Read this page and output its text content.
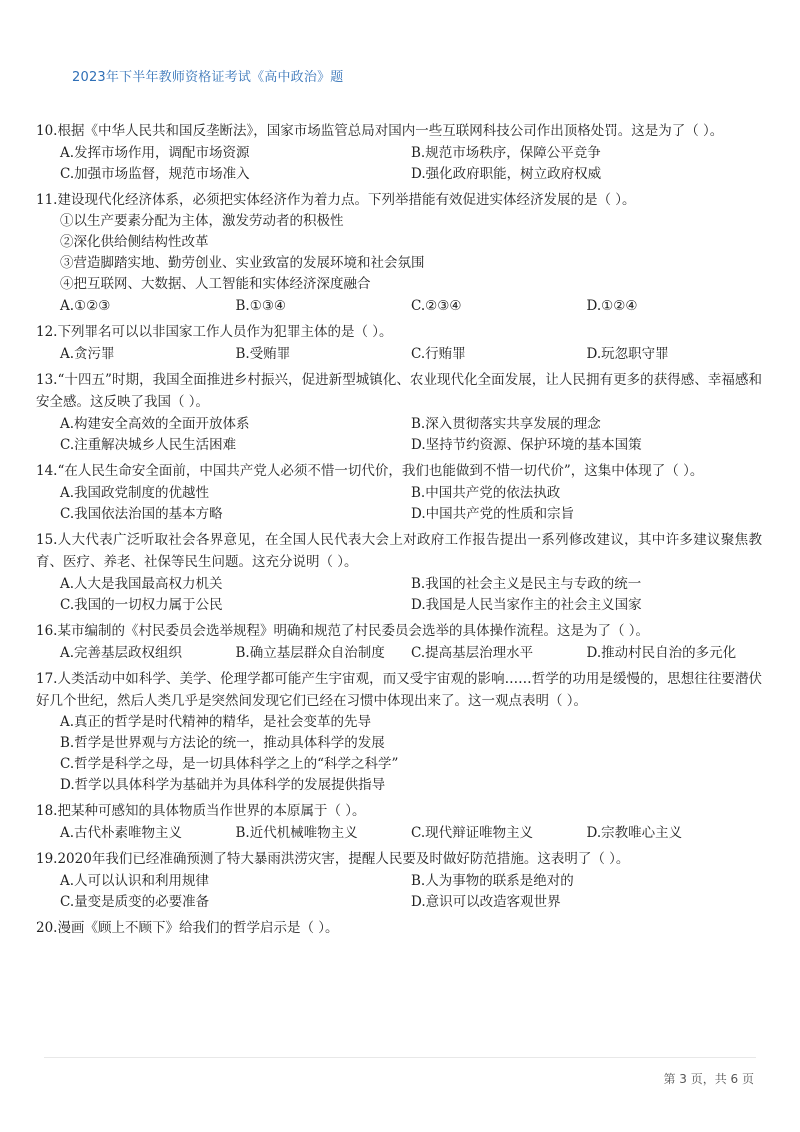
2023年下半年教师资格证考试《高中政治》题
10.根据《中华人民共和国反垄断法》，国家市场监管总局对国内一些互联网科技公司作出顶格处罚。这是为了（ ）。
A.发挥市场作用，调配市场资源	B.规范市场秩序，保障公平竞争
C.加强市场监督，规范市场准入	D.强化政府职能，树立政府权威
11.建设现代化经济体系，必须把实体经济作为着力点。下列举措能有效促进实体经济发展的是（ ）。
①以生产要素分配为主体，激发劳动者的积极性
②深化供给侧结构性改革
③营造脚踏实地、勤劳创业、实业致富的发展环境和社会氛围
④把互联网、大数据、人工智能和实体经济深度融合
A.①②③	B.①③④	C.②③④	D.①②④
12.下列罪名可以以非国家工作人员作为犯罪主体的是（ ）。
A.贪污罪	B.受贿罪	C.行贿罪	D.玩忽职守罪
13.“十四五”时期，我国全面推进乡村振兴，促进新型城镇化、农业现代化全面发展，让人民拥有更多的获得感、幸福感和安全感。这反映了我国（ ）。
A.构建安全高效的全面开放体系	B.深入贯彻落实共享发展的理念
C.注重解决城乡人民生活困难	D.坚持节约资源、保护环境的基本国策
14.“在人民生命安全面前，中国共产党人必须不惜一切代价，我们也能做到不惜一切代价”，这集中体现了（ ）。
A.我国政党制度的优越性	B.中国共产党的依法执政
C.我国依法治国的基本方略	D.中国共产党的性质和宗旨
15.人大代表广泛听取社会各界意见，在全国人民代表大会上对政府工作报告提出一系列修改建议，其中许多建议聚焦教育、医疗、养老、社保等民生问题。这充分说明（ ）。
A.人大是我国最高权力机关	B.我国的社会主义是民主与专政的统一
C.我国的一切权力属于公民	D.我国是人民当家作主的社会主义国家
16.某市编制的《村民委员会选举规程》明确和规范了村民委员会选举的具体操作流程。这是为了（ ）。
A.完善基层政权组织	B.确立基层群众自治制度	C.提高基层治理水平	D.推动村民自治的多元化
17.人类活动中如科学、美学、伦理学都可能产生宇宙观，而又受宇宙观的影响……哲学的功用是缓慢的，思想往往要潜伏好几个世纪，然后人类几乎是突然间发现它们已经在习惯中体现出来了。这一观点表明（ ）。
A.真正的哲学是时代精神的精华，是社会变革的先导
B.哲学是世界观与方法论的统一，推动具体科学的发展
C.哲学是科学之母，是一切具体科学之上的“科学之科学”
D.哲学以具体科学为基础并为具体科学的发展提供指导
18.把某种可感知的具体物质当作世界的本原属于（ ）。
A.古代朴素唯物主义	B.近代机械唯物主义	C.现代辩证唯物主义	D.宗教唯心主义
19.2020年我们已经准确预测了特大暴雨洪涝灾害，提醒人民要及时做好防范措施。这表明了（ ）。
A.人可以认识和利用规律	B.人为事物的联系是绝对的
C.量变是质变的必要准备	D.意识可以改造客观世界
20.漫画《顾上不顾下》给我们的哲学启示是（ ）。
第 3 页，共 6 页
